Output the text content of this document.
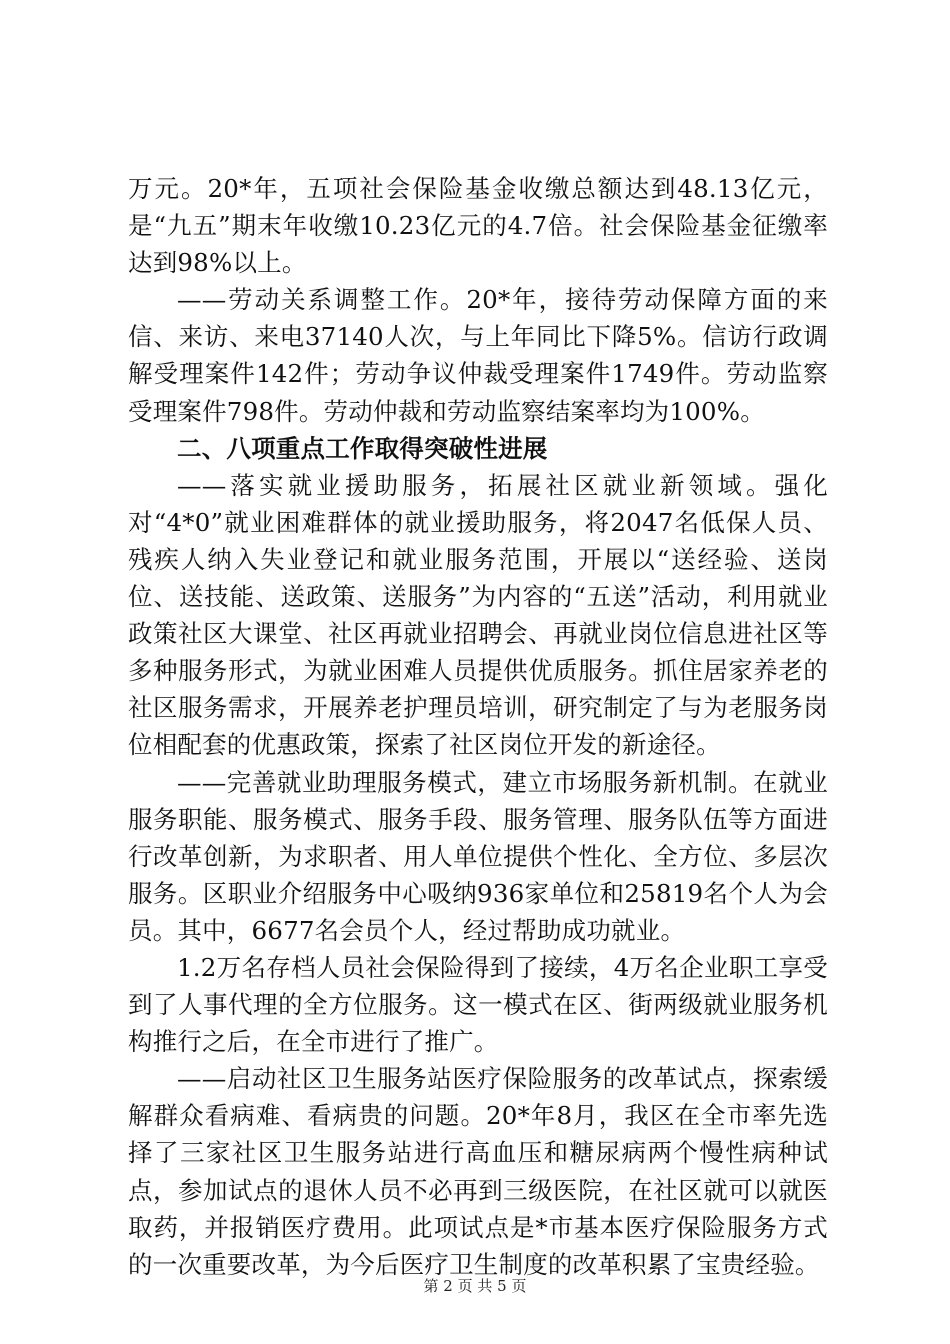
万元。20*年，五项社会保险基金收缴总额达到48.13亿元，是“九五”期末年收缴10.23亿元的4.7倍。社会保险基金征缴率达到98%以上。

——劳动关系调整工作。20*年，接待劳动保障方面的来信、来访、来电37140人次，与上年同比下降5%。信访行政调解受理案件142件；劳动争议仲裁受理案件1749件。劳动监察受理案件798件。劳动仲裁和劳动监察结案率均为100%。

二、八项重点工作取得突破性进展

——落实就业援助服务，拓展社区就业新领域。强化对“4*0”就业困难群体的就业援助服务，将2047名低保人员、残疾人纳入失业登记和就业服务范围，开展以“送经验、送岗位、送技能、送政策、送服务”为内容的“五送”活动，利用就业政策社区大课堂、社区再就业招聘会、再就业岗位信息进社区等多种服务形式，为就业困难人员提供优质服务。抓住居家养老的社区服务需求，开展养老护理员培训，研究制定了与为老服务岗位相配套的优惠政策，探索了社区岗位开发的新途径。

——完善就业助理服务模式，建立市场服务新机制。在就业服务职能、服务模式、服务手段、服务管理、服务队伍等方面进行改革创新，为求职者、用人单位提供个性化、全方位、多层次服务。区职业介绍服务中心吸纳936家单位和25819名个人为会员。其中，6677名会员个人，经过帮助成功就业。

1.2万名存档人员社会保险得到了接续，4万名企业职工享受到了人事代理的全方位服务。这一模式在区、街两级就业服务机构推行之后，在全市进行了推广。

——启动社区卫生服务站医疗保险服务的改革试点，探索缓解群众看病难、看病贵的问题。20*年8月，我区在全市率先选择了三家社区卫生服务站进行高血压和糖尿病两个慢性病种试点，参加试点的退休人员不必再到三级医院，在社区就可以就医取药，并报销医疗费用。此项试点是*市基本医疗保险服务方式的一次重要改革，为今后医疗卫生制度的改革积累了宝贵经验。

第 2 页 共 5 页
